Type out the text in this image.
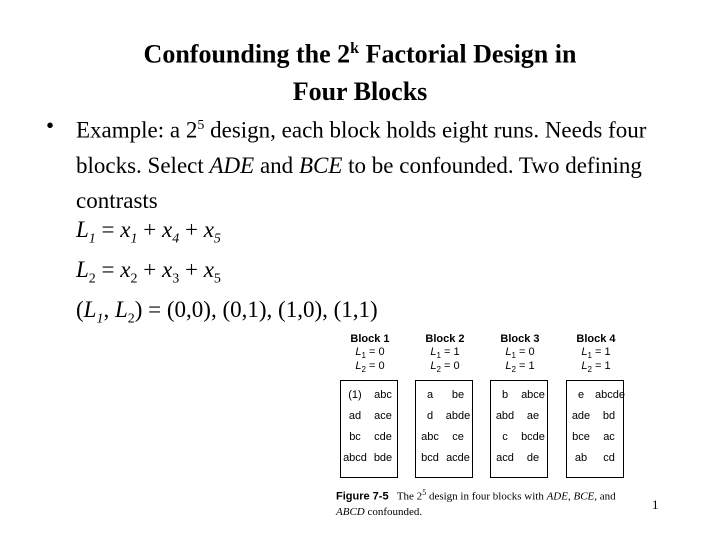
Confounding the 2$^k$ Factorial Design in
Four Blocks
• Example: a $2^5$ design, each block holds eight runs. Needs four blocks. Select ADE and BCE to be confounded. Two defining contrasts
$L_1 = x_1 + x_4 + x_5$
$L_2 = x_2 + x_3 + x_5$
($L_1$, $L_2) = (0,0)$, (0,1), (1,0), (1,1)
Block 1
$L_1 = 0$
$L_2 = 0$
(1)	abc
ad	ace
bc	cde
abcd bde
Block 2
$L_1 = 1$
$L_2 = 0$
a	be
d	abde
abc	ce
bcd acde
Block 3
$L_1 = 0$
$L_2 = 1$
b	abce
abd	ae
c	bcde
acd	de
Block 4
$L_1 = 1$
$L_2 = 1$
e abcde
ade	bd
bce	ac
ab	cd
Figure 7-5 The $2^5$ design in four blocks with ADE, BCE, and ABCD confounded.	1
